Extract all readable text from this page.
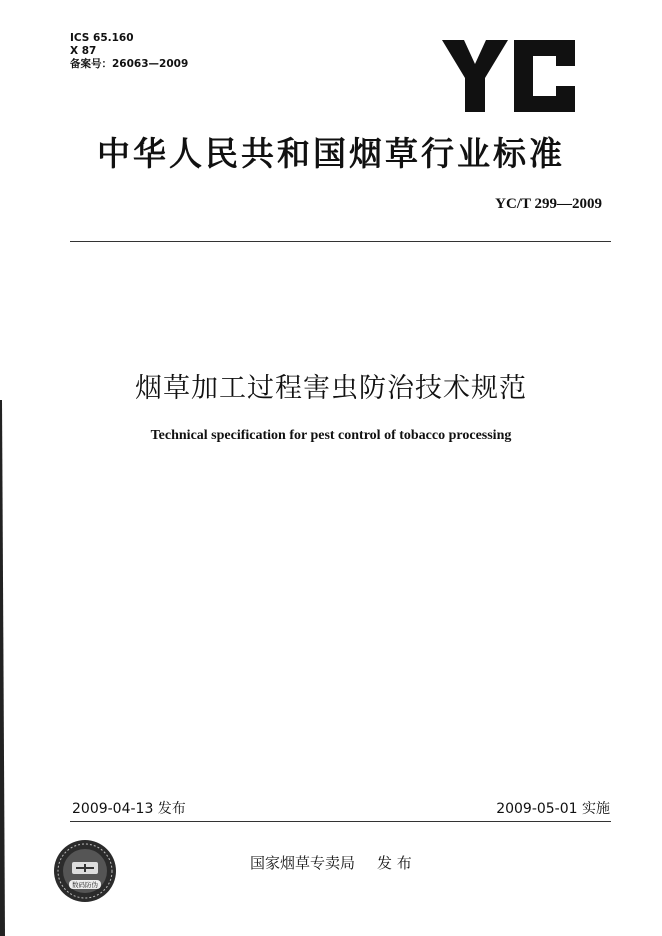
ICS 65.160
X 87
备案号：26063—2009
YC
中华人民共和国烟草行业标准
YC/T 299—2009
烟草加工过程害虫防治技术规范
Technical specification for pest control of tobacco processing
2009-04-13 发布	2009-05-01 实施
国家烟草专卖局 发 布
数码防伪
